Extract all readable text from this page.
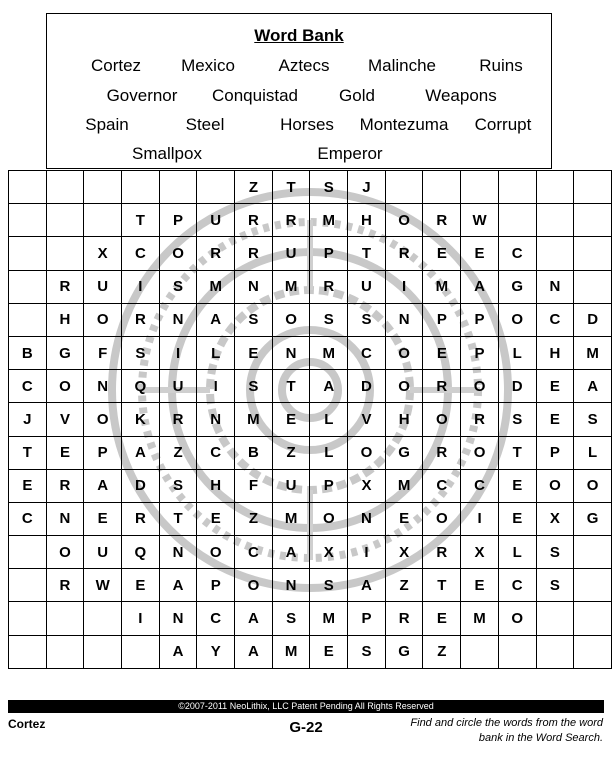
Word Bank
Cortez Mexico	Aztecs Malinche	Ruins
Governor Conquistad Gold	Weapons
Spain	Steel	Horses Montezuma Corrupt
Smallpox	Emperor
						Z	T	S	J						
			T	P	U	R	R	M	H	O	R	W			
		X	C	O	R	R	U	P	T	R	E	E	C		
	R	U	I	S	M	N	M	R	U	I	M	A	G	N	
	H	O	R	N	A	S	O	S	S	N	P	P	O	C	D
B	G	F	S	I	L	E	N	M	C	O	E	P	L	H	M
C	O	N	Q	U	I	S	T	A	D	O	R	O	D	E	A
J	V	O	K	R	N	M	E	L	V	H	O	R	S	E	S
T	E	P	A	Z	C	B	Z	L	O	G	R	O	T	P	L
E	R	A	D	S	H	F	U	P	X	M	C	C	E	O	O
C	N	E	R	T	E	Z	M	O	N	E	O	I	E	X	G
	O	U	Q	N	O	C	A	X	I	X	R	X	L	S	
	R	W	E	A	P	O	N	S	A	Z	T	E	C	S	
			I	N	C	A	S	M	P	R	E	M	O		
				A	Y	A	M	E	S	G	Z				
©2007-2011 NeoLithix, LLC Patent Pending All Rights Reserved
Cortez	G-22	Find and circle the words from the word bank in the Word Search.
